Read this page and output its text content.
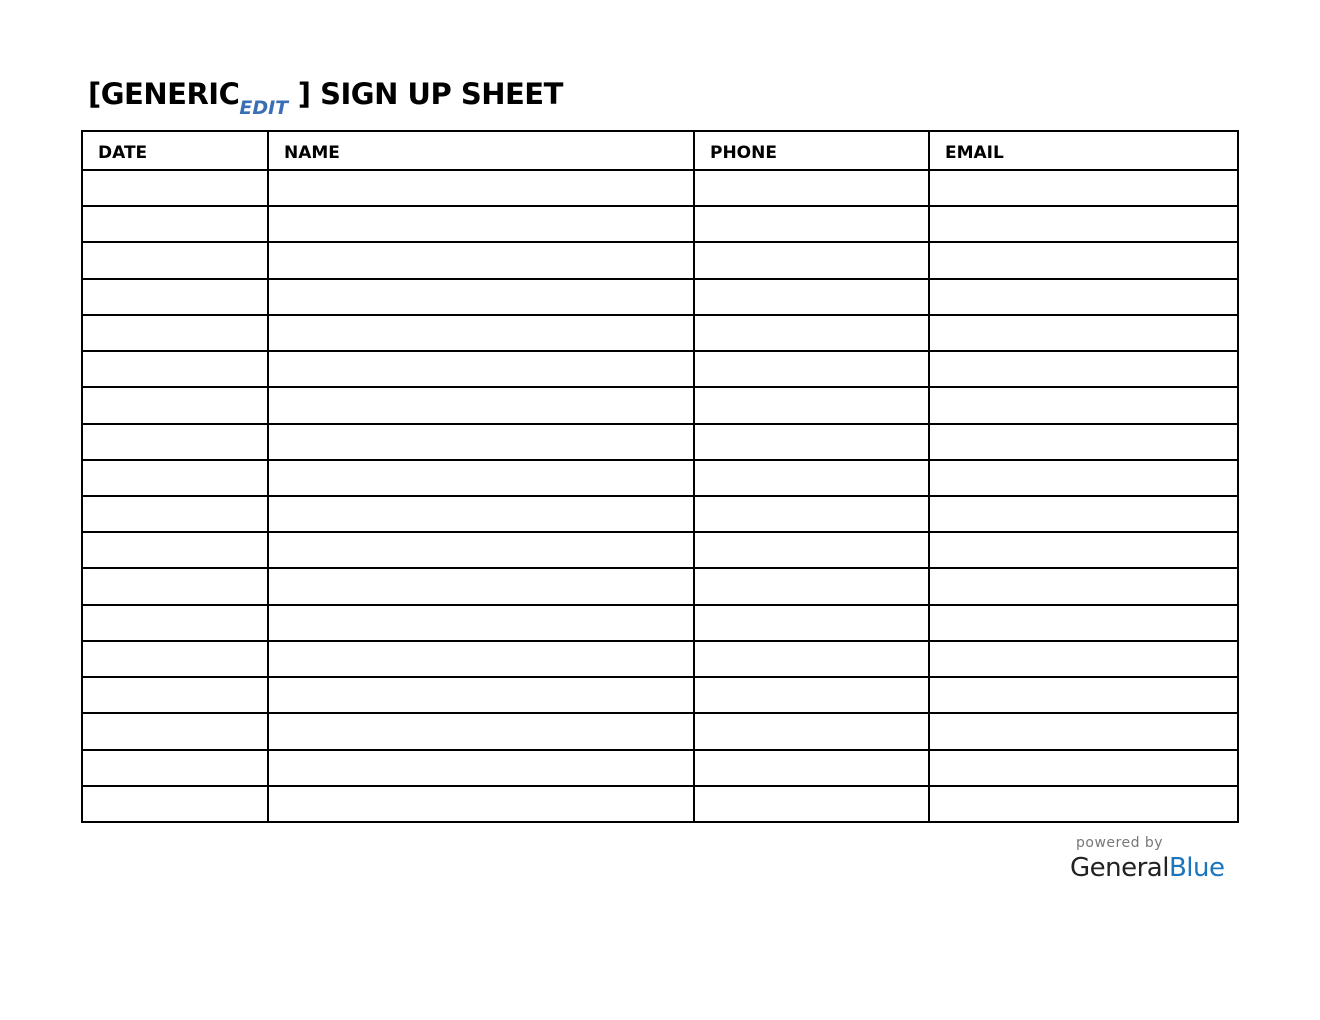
[$GENERIC_{EDIT}$ ] SIGN UP SHEET
DATE	NAME	PHONE	EMAIL

powered by
GeneralBlue
